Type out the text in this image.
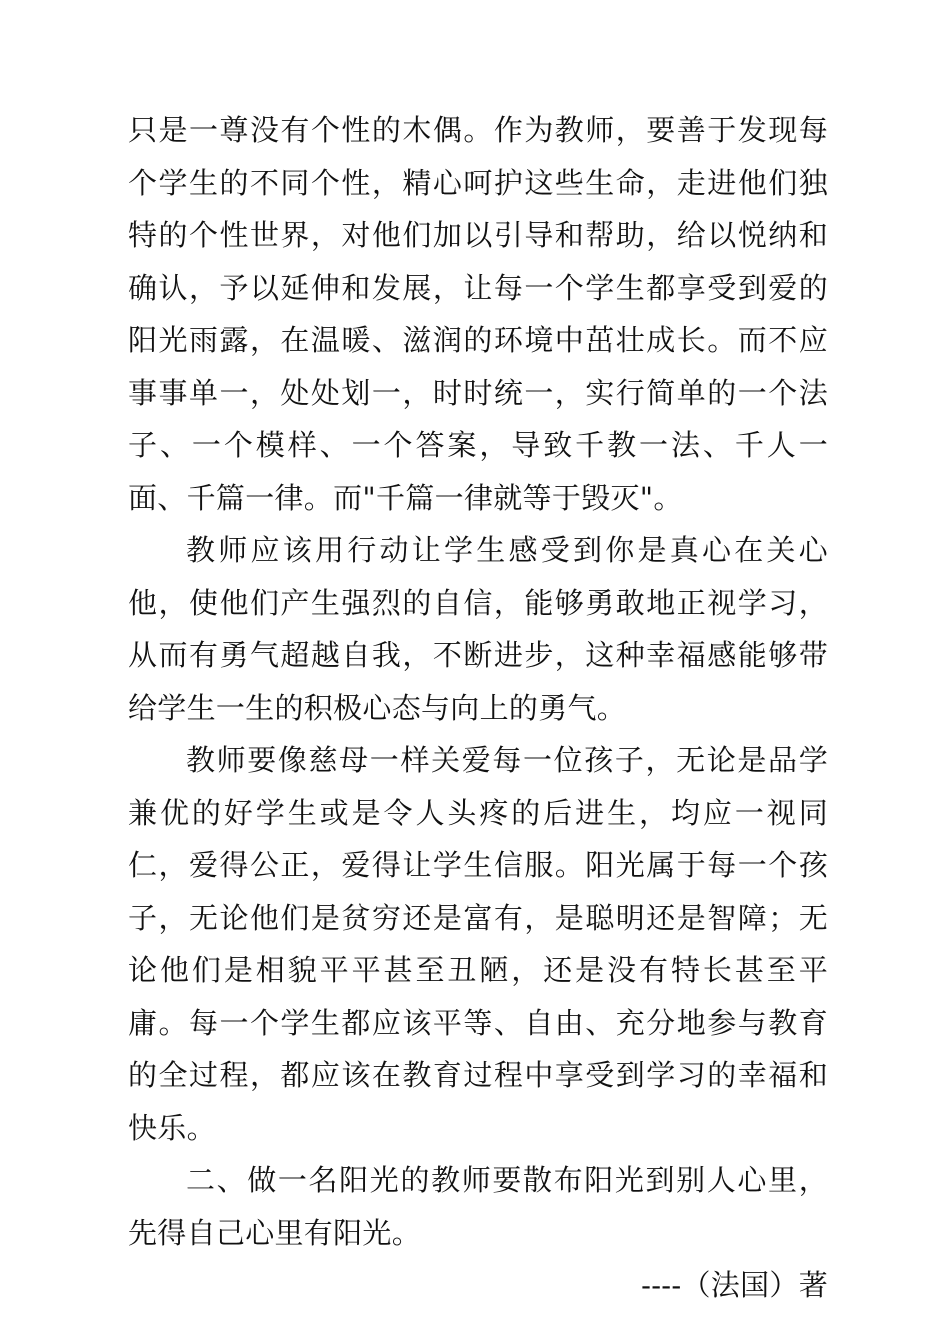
只是一尊没有个性的木偶。作为教师，要善于发现每个学生的不同个性，精心呵护这些生命，走进他们独特的个性世界，对他们加以引导和帮助，给以悦纳和确认，予以延伸和发展，让每一个学生都享受到爱的阳光雨露，在温暖、滋润的环境中茁壮成长。而不应事事单一，处处划一，时时统一，实行简单的一个法子、一个模样、一个答案，导致千教一法、千人一面、千篇一律。而"千篇一律就等于毁灭"。

教师应该用行动让学生感受到你是真心在关心他，使他们产生强烈的自信，能够勇敢地正视学习，从而有勇气超越自我，不断进步，这种幸福感能够带给学生一生的积极心态与向上的勇气。

教师要像慈母一样关爱每一位孩子，无论是品学兼优的好学生或是令人头疼的后进生，均应一视同仁，爱得公正，爱得让学生信服。阳光属于每一个孩子，无论他们是贫穷还是富有，是聪明还是智障；无论他们是相貌平平甚至丑陋，还是没有特长甚至平庸。每一个学生都应该平等、自由、充分地参与教育的全过程，都应该在教育过程中享受到学习的幸福和快乐。

二、做一名阳光的教师要散布阳光到别人心里，先得自己心里有阳光。

----（法国）著
